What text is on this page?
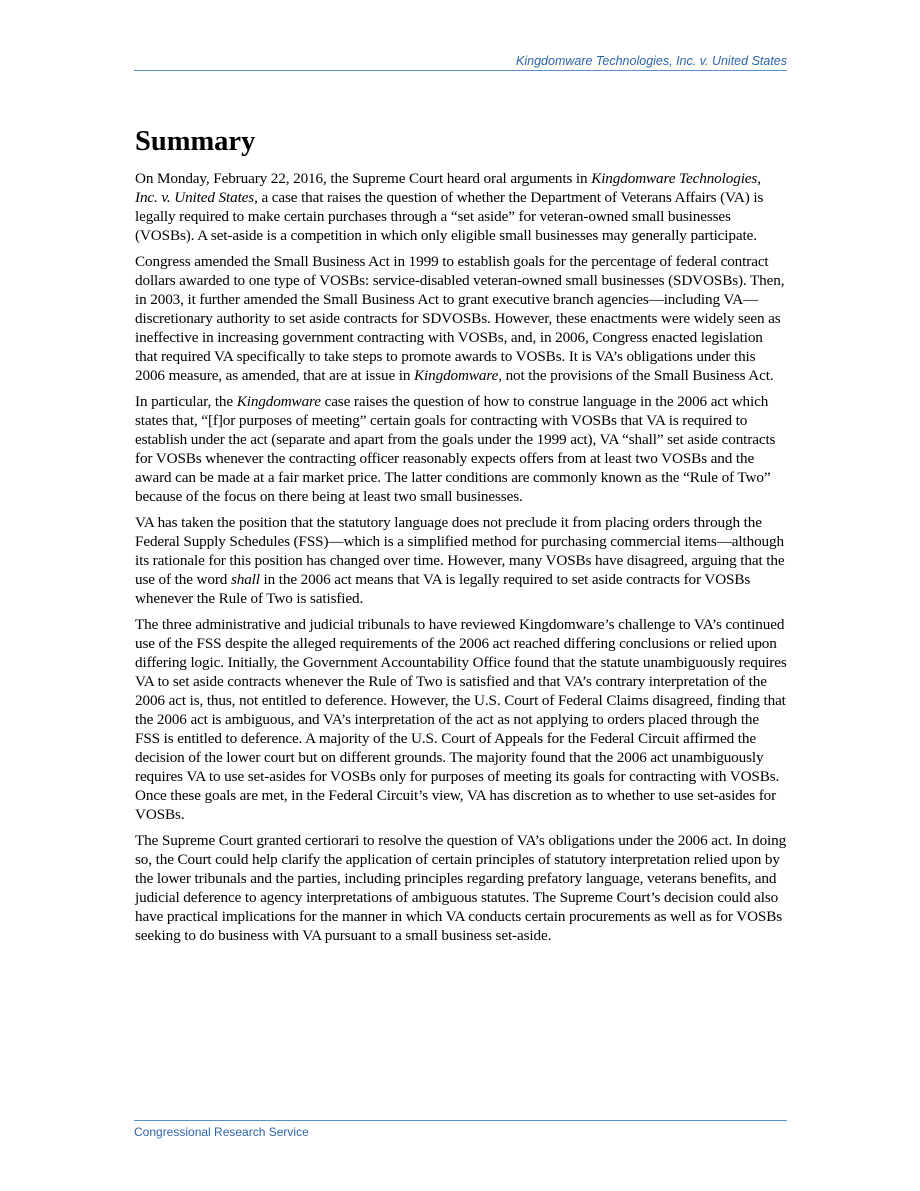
Kingdomware Technologies, Inc. v. United States
Summary

On Monday, February 22, 2016, the Supreme Court heard oral arguments in Kingdomware Technologies, Inc. v. United States, a case that raises the question of whether the Department of Veterans Affairs (VA) is legally required to make certain purchases through a “set aside” for veteran-owned small businesses (VOSBs). A set-aside is a competition in which only eligible small businesses may generally participate.

Congress amended the Small Business Act in 1999 to establish goals for the percentage of federal contract dollars awarded to one type of VOSBs: service-disabled veteran-owned small businesses (SDVOSBs). Then, in 2003, it further amended the Small Business Act to grant executive branch agencies—including VA—discretionary authority to set aside contracts for SDVOSBs. However, these enactments were widely seen as ineffective in increasing government contracting with VOSBs, and, in 2006, Congress enacted legislation that required VA specifically to take steps to promote awards to VOSBs. It is VA’s obligations under this 2006 measure, as amended, that are at issue in Kingdomware, not the provisions of the Small Business Act.

In particular, the Kingdomware case raises the question of how to construe language in the 2006 act which states that, “[f]or purposes of meeting” certain goals for contracting with VOSBs that VA is required to establish under the act (separate and apart from the goals under the 1999 act), VA “shall” set aside contracts for VOSBs whenever the contracting officer reasonably expects offers from at least two VOSBs and the award can be made at a fair market price. The latter conditions are commonly known as the “Rule of Two” because of the focus on there being at least two small businesses.

VA has taken the position that the statutory language does not preclude it from placing orders through the Federal Supply Schedules (FSS)—which is a simplified method for purchasing commercial items—although its rationale for this position has changed over time. However, many VOSBs have disagreed, arguing that the use of the word shall in the 2006 act means that VA is legally required to set aside contracts for VOSBs whenever the Rule of Two is satisfied.

The three administrative and judicial tribunals to have reviewed Kingdomware’s challenge to VA’s continued use of the FSS despite the alleged requirements of the 2006 act reached differing conclusions or relied upon differing logic. Initially, the Government Accountability Office found that the statute unambiguously requires VA to set aside contracts whenever the Rule of Two is satisfied and that VA’s contrary interpretation of the 2006 act is, thus, not entitled to deference. However, the U.S. Court of Federal Claims disagreed, finding that the 2006 act is ambiguous, and VA’s interpretation of the act as not applying to orders placed through the FSS is entitled to deference. A majority of the U.S. Court of Appeals for the Federal Circuit affirmed the decision of the lower court but on different grounds. The majority found that the 2006 act unambiguously requires VA to use set-asides for VOSBs only for purposes of meeting its goals for contracting with VOSBs. Once these goals are met, in the Federal Circuit’s view, VA has discretion as to whether to use set-asides for VOSBs.

The Supreme Court granted certiorari to resolve the question of VA’s obligations under the 2006 act. In doing so, the Court could help clarify the application of certain principles of statutory interpretation relied upon by the lower tribunals and the parties, including principles regarding prefatory language, veterans benefits, and judicial deference to agency interpretations of ambiguous statutes. The Supreme Court’s decision could also have practical implications for the manner in which VA conducts certain procurements as well as for VOSBs seeking to do business with VA pursuant to a small business set-aside.

Congressional Research Service
